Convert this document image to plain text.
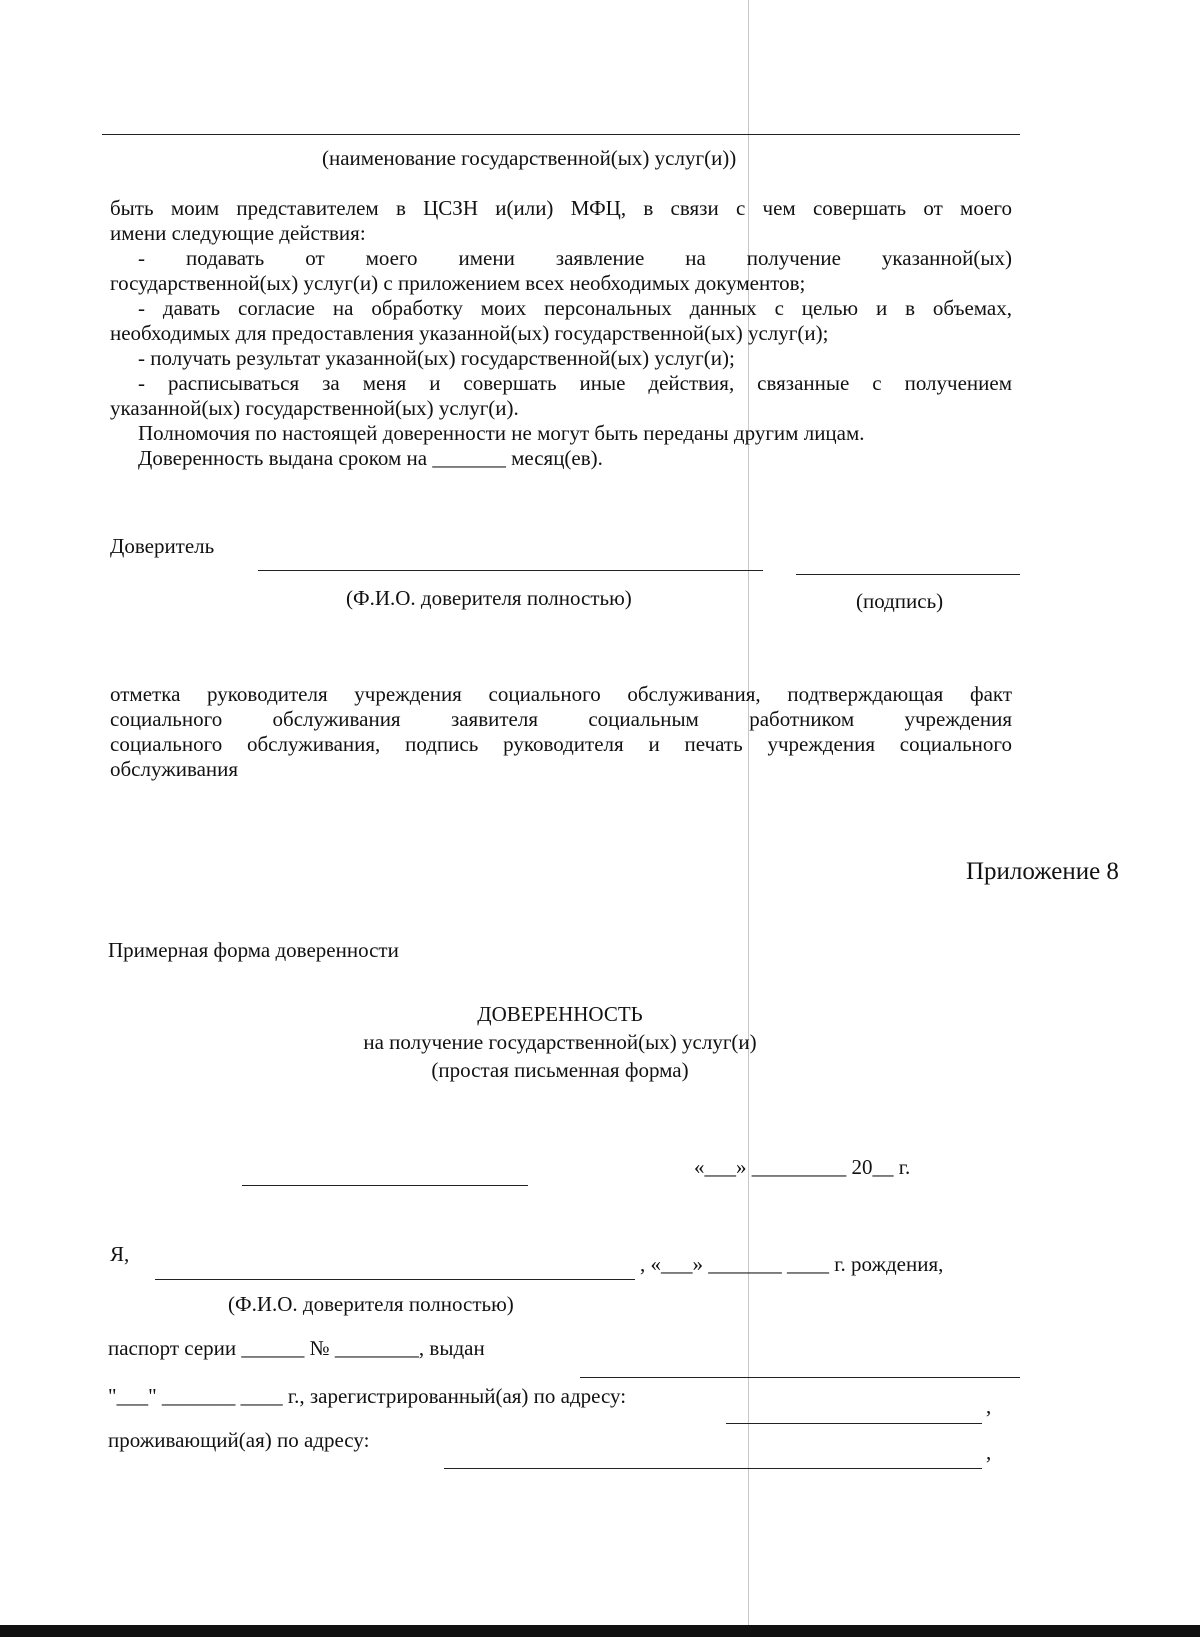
(наименование государственной(ых) услуг(и))
быть моим представителем в ЦСЗН и(или) МФЦ, в связи с чем совершать от моего
имени следующие действия:
- подавать от моего имени заявление на получение указанной(ых)
государственной(ых) услуг(и) с приложением всех необходимых документов;
- давать согласие на обработку моих персональных данных с целью и в объемах,
необходимых для предоставления указанной(ых) государственной(ых) услуг(и);
- получать результат указанной(ых) государственной(ых) услуг(и);
- расписываться за меня и совершать иные действия, связанные с получением
указанной(ых) государственной(ых) услуг(и).
Полномочия по настоящей доверенности не могут быть переданы другим лицам.
Доверенность выдана сроком на _______ месяц(ев).
Доверитель
(Ф.И.О. доверителя полностью)	(подпись)
отметка руководителя учреждения социального обслуживания, подтверждающая факт
социального обслуживания заявителя социальным работником учреждения
социального обслуживания, подпись руководителя и печать учреждения социального
обслуживания
Приложение 8
Примерная форма доверенности
ДОВЕРЕННОСТЬ
на получение государственной(ых) услуг(и)
(простая письменная форма)
«___» _________ 20__ г.
Я,	, «___» _______ ____ г. рождения,
(Ф.И.О. доверителя полностью)
паспорт серии ______ № ________, выдан
"___" _______ ____ г., зарегистрированный(ая) по адресу:	,
проживающий(ая) по адресу:	,
